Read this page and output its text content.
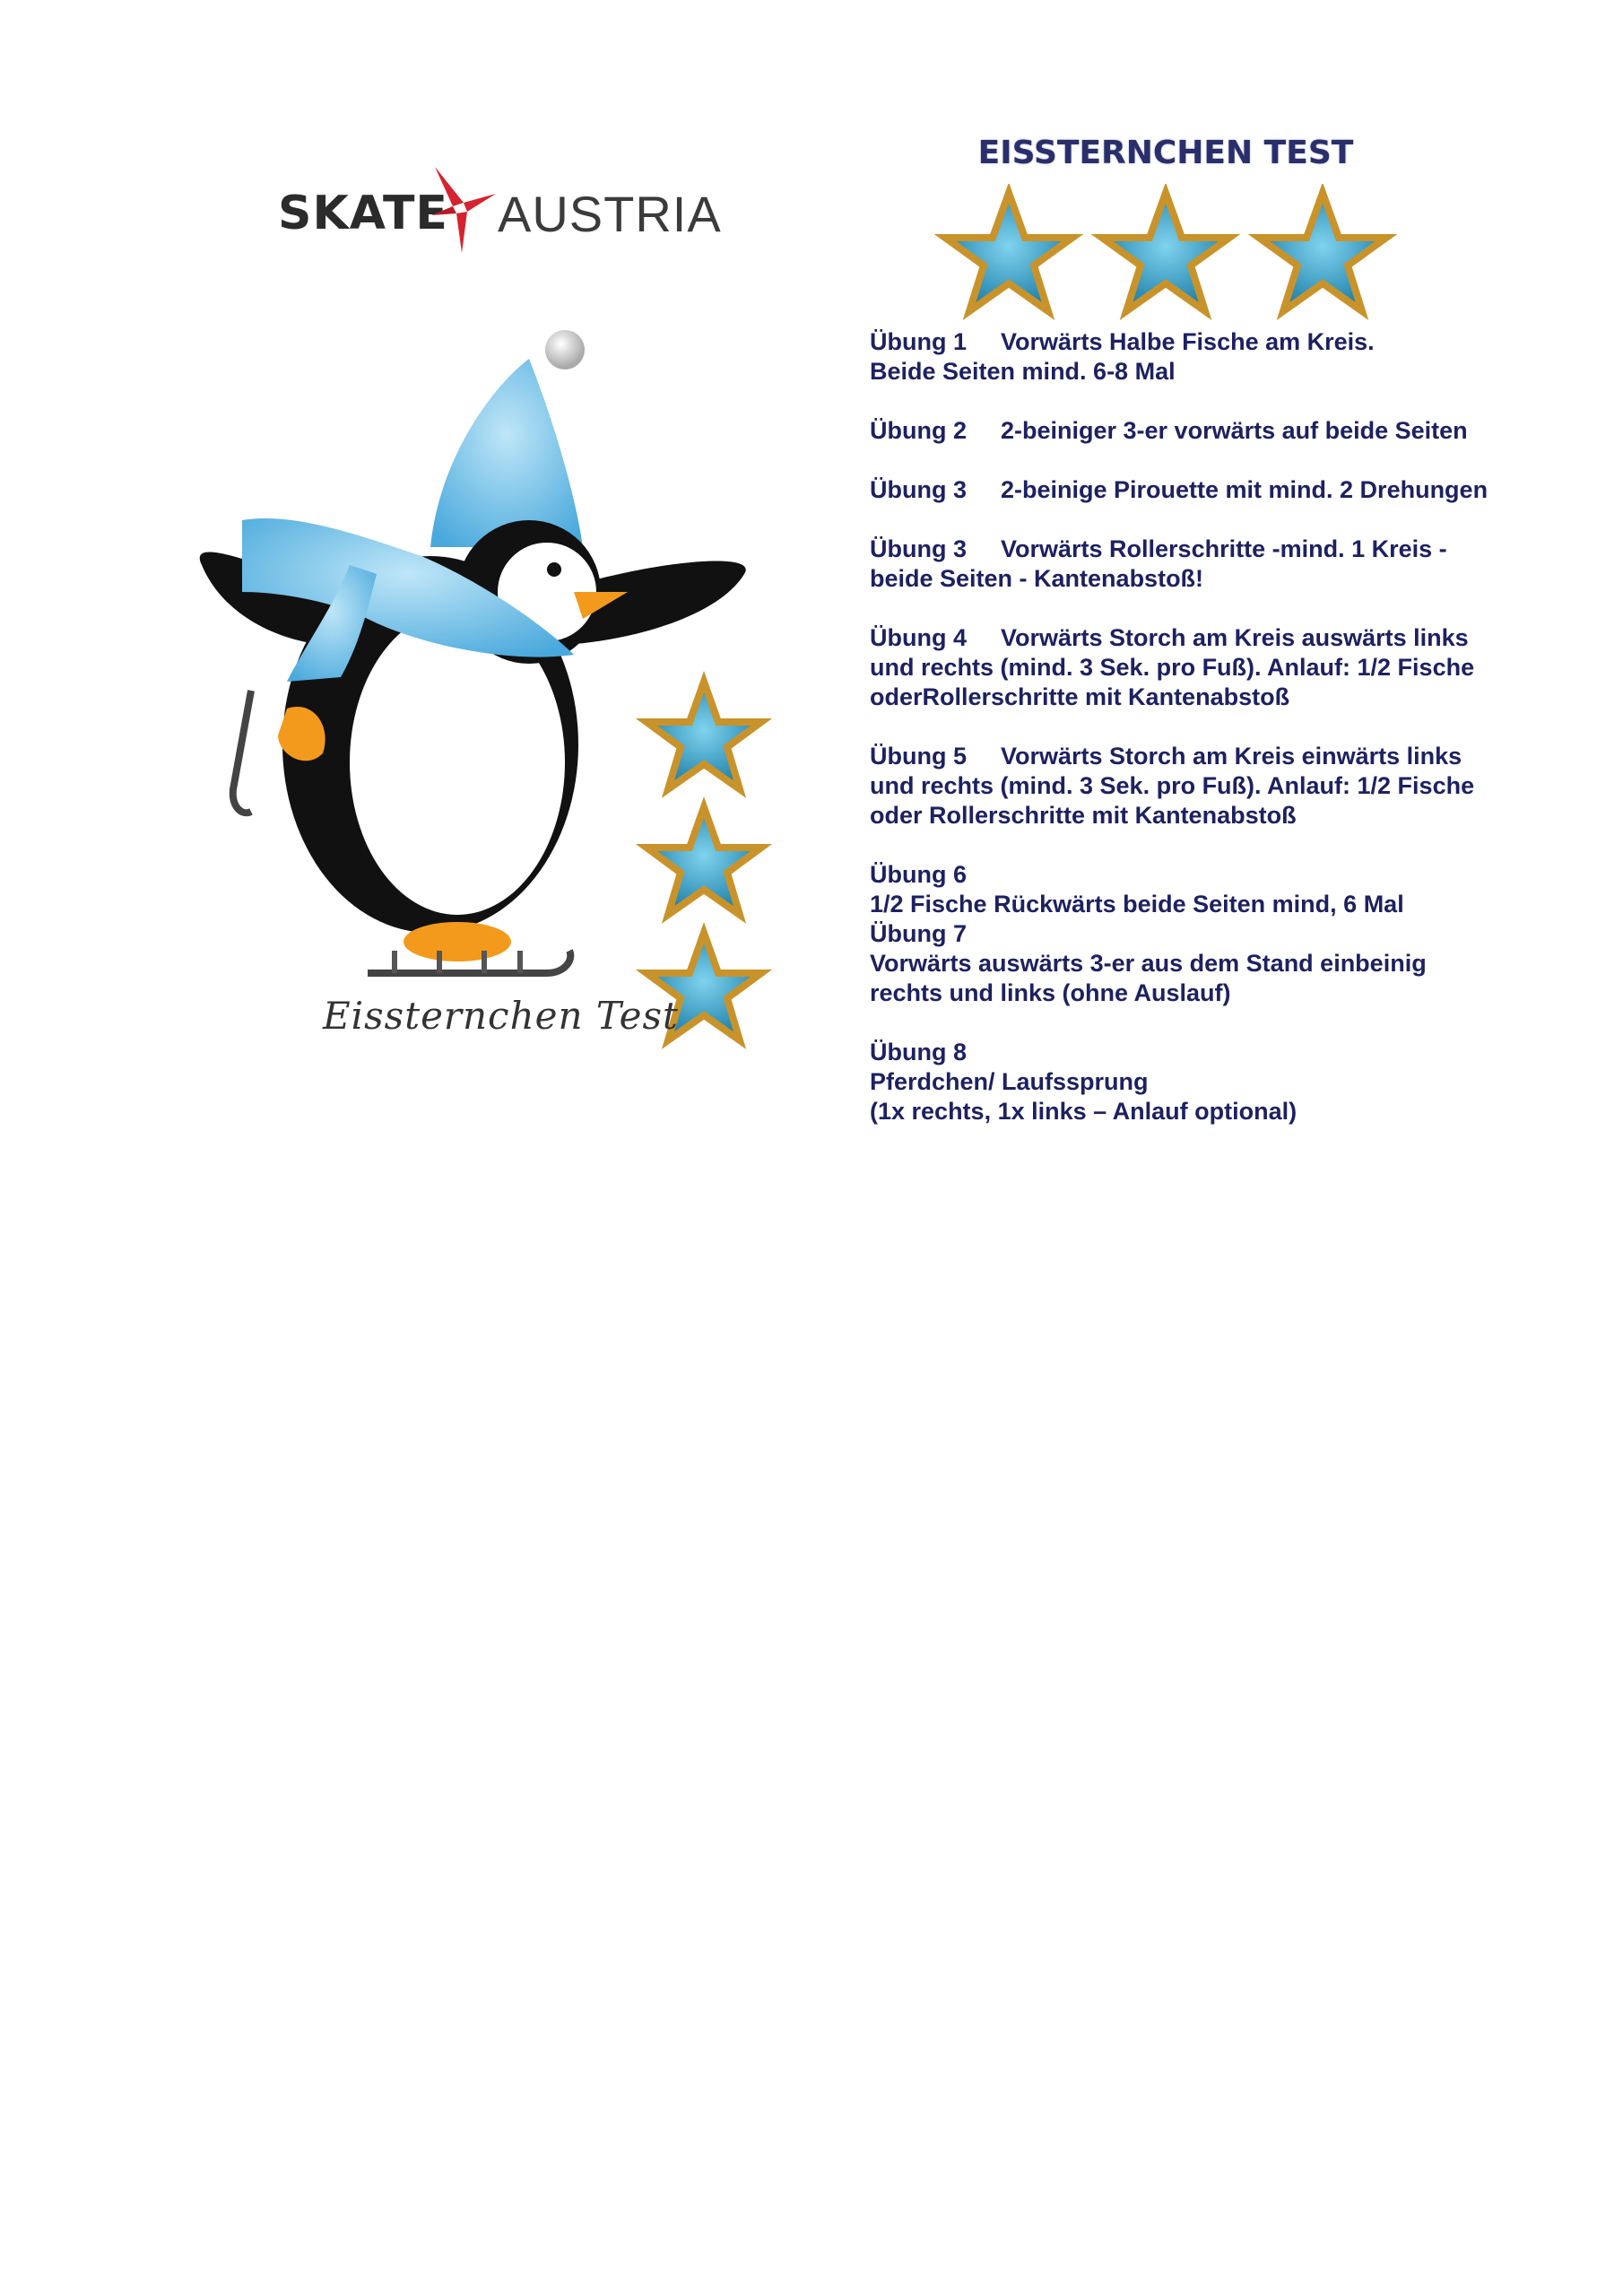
SKATE AUSTRIA
Eissternchen Test
EISSTERNCHEN TEST
Übung 1 Vorwärts Halbe Fische am Kreis.
Beide Seiten mind. 6-8 Mal
Übung 2 2-beiniger 3-er vorwärts auf beide Seiten
Übung 3 2-beinige Pirouette mit mind. 2 Drehungen
Übung 3 Vorwärts Rollerschritte -mind. 1 Kreis -
beide Seiten - Kantenabstoß!
Übung 4 Vorwärts Storch am Kreis auswärts links
und rechts (mind. 3 Sek. pro Fuß). Anlauf: 1/2 Fische
oderRollerschritte mit Kantenabstoß
Übung 5 Vorwärts Storch am Kreis einwärts links
und rechts (mind. 3 Sek. pro Fuß). Anlauf: 1/2 Fische
oder Rollerschritte mit Kantenabstoß
Übung 6
1/2 Fische Rückwärts beide Seiten mind, 6 Mal
Übung 7
Vorwärts auswärts 3-er aus dem Stand einbeinig
rechts und links (ohne Auslauf)
Übung 8
Pferdchen/ Laufssprung
(1x rechts, 1x links – Anlauf optional)
